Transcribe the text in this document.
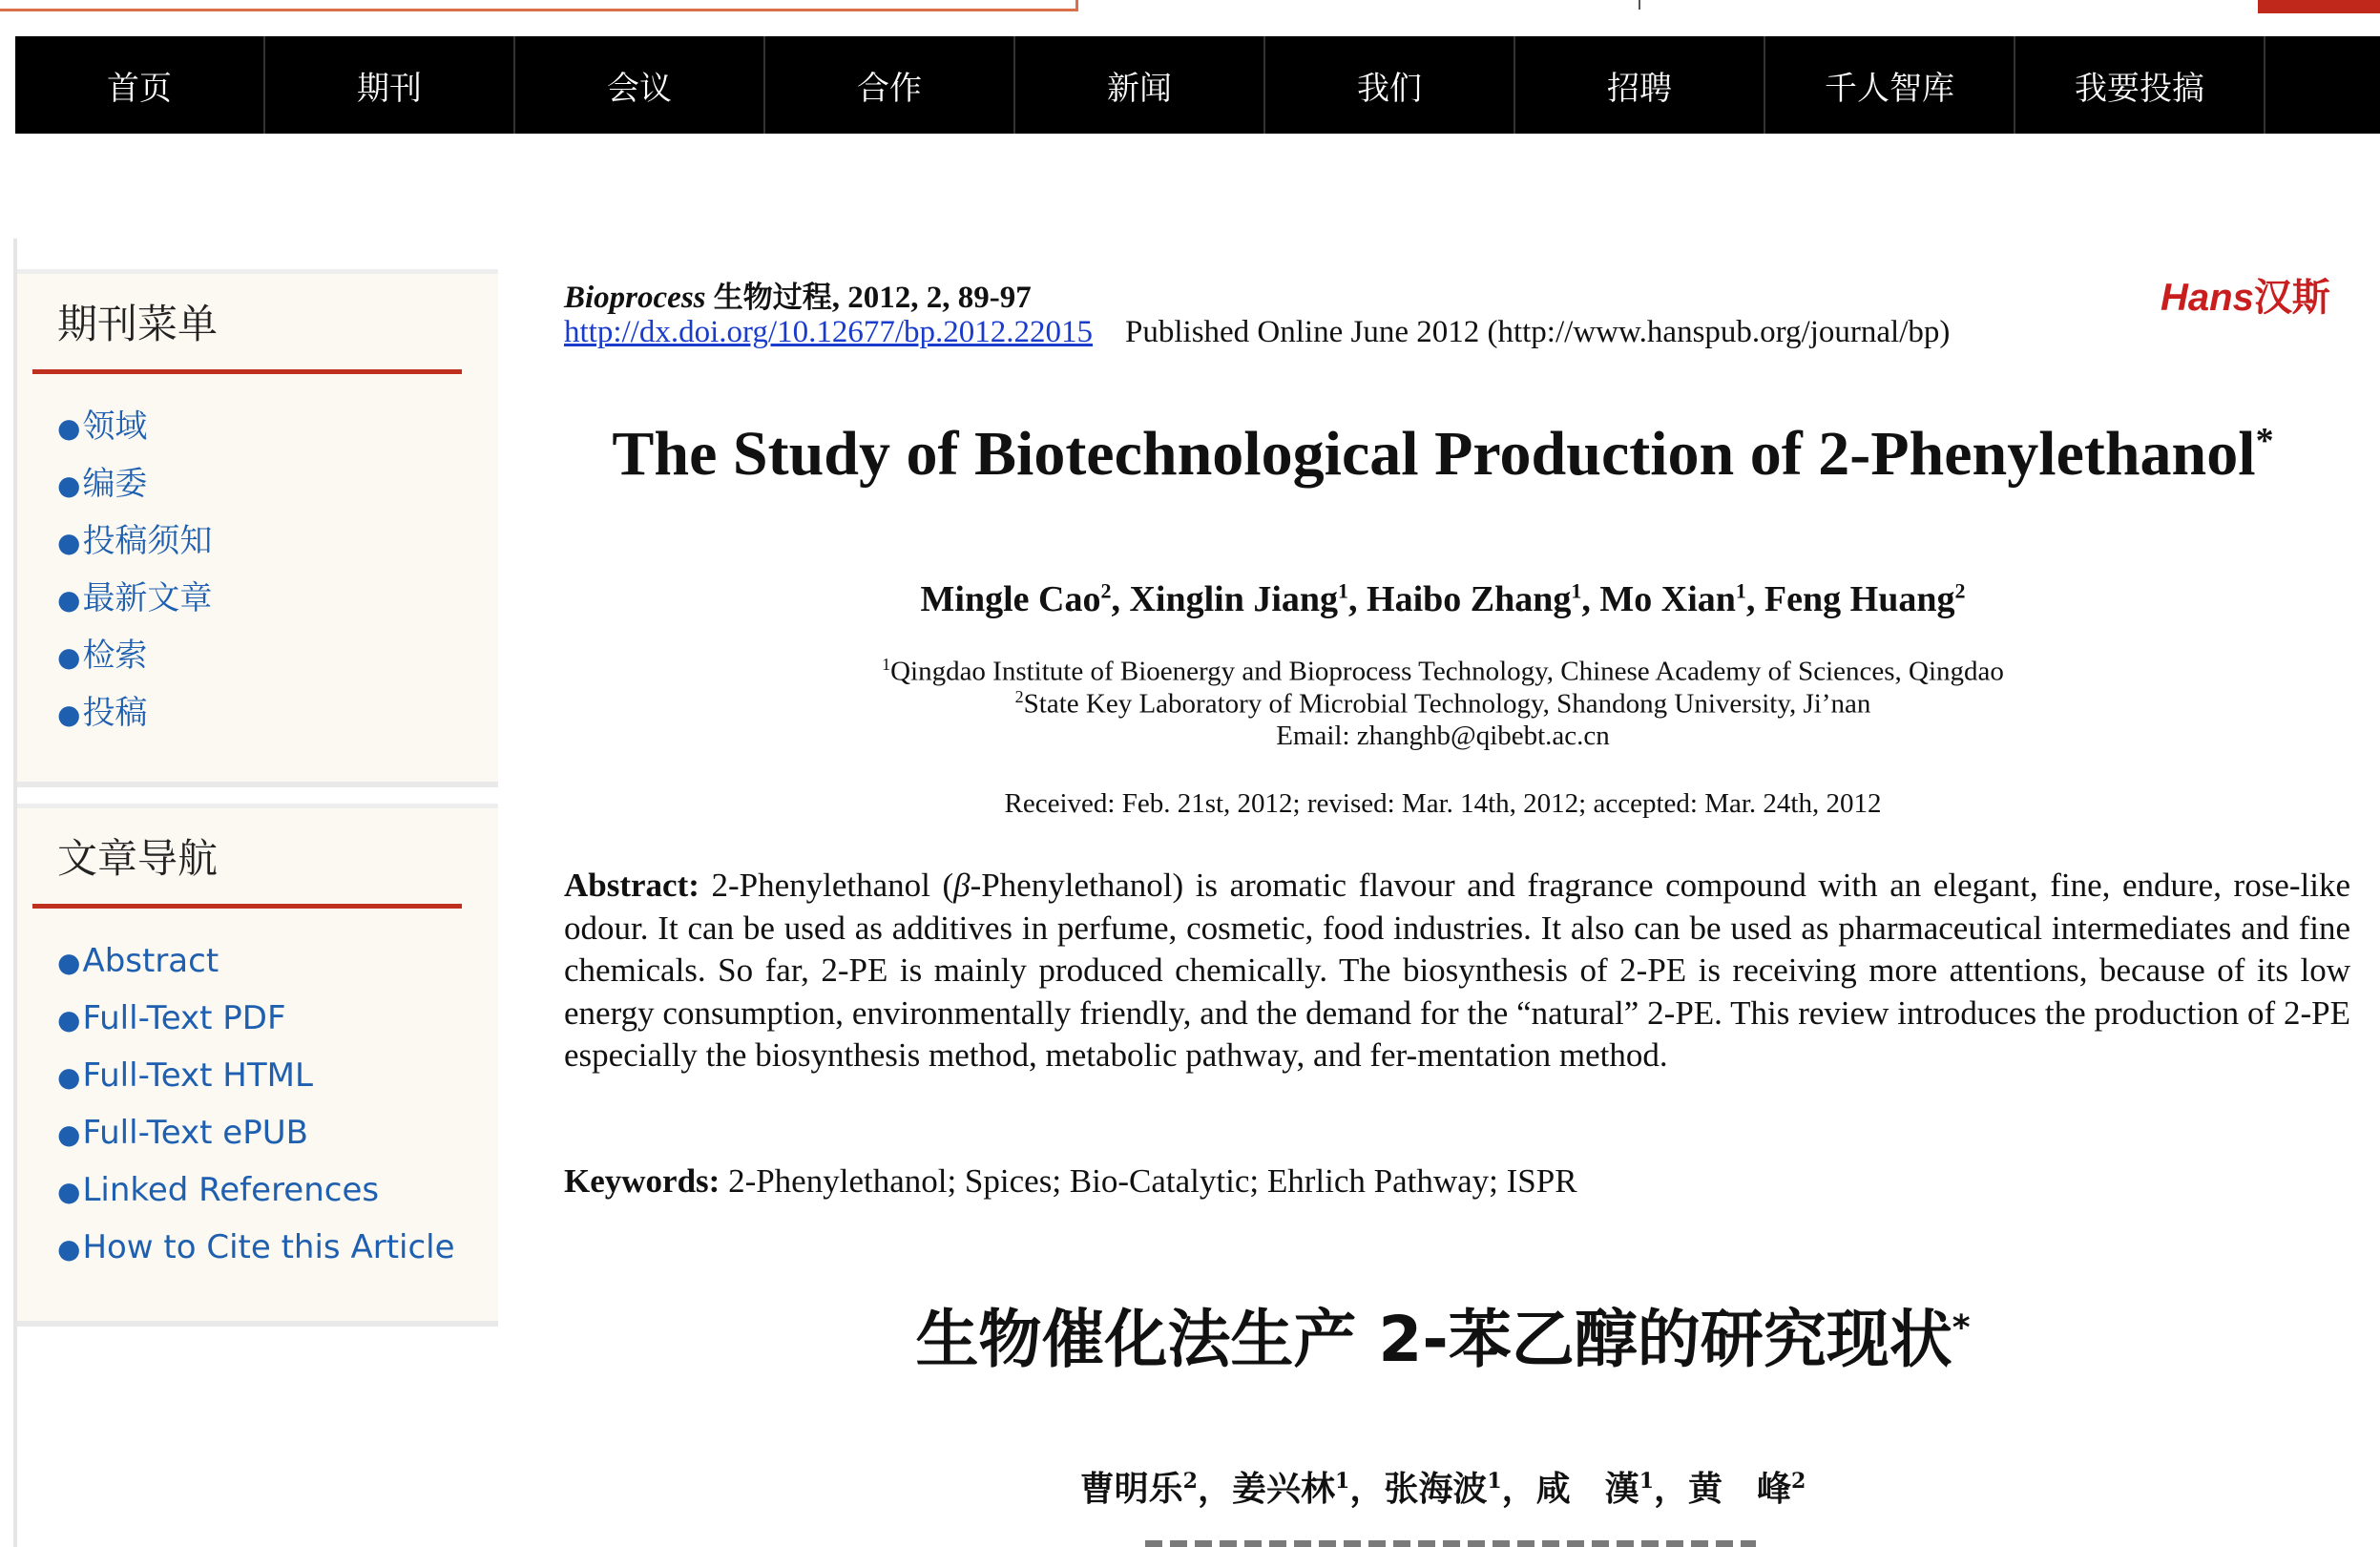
首页	期刊	会议	合作	新闻	我们	招聘	千人智库	我要投搞
期刊菜单
●领域
●编委
●投稿须知
●最新文章
●检索
●投稿
文章导航
●Abstract
●Full-Text PDF
●Full-Text HTML
●Full-Text ePUB
●Linked References
●How to Cite this Article
Bioprocess 生物过程, 2012, 2, 89-97
http://dx.doi.org/10.12677/bp.2012.22015 Published Online June 2012 (http://www.hanspub.org/journal/bp)
Hans汉斯
The Study of Biotechnological Production of 2-Phenylethanol*
Mingle Cao$^2$, Xinglin Jiang$^1$, Haibo Zhang$^1$, Mo Xian$^1$, Feng Huang$^2$
$^1$Qingdao Institute of Bioenergy and Bioprocess Technology, Chinese Academy of Sciences, Qingdao
$^2$State Key Laboratory of Microbial Technology, Shandong University, Ji’nan
Email: zhanghb@qibebt.ac.cn
Received: Feb. 21st, 2012; revised: Mar. 14th, 2012; accepted: Mar. 24th, 2012

Abstract: 2-Phenylethanol (β-Phenylethanol) is aromatic flavour and fragrance compound with an elegant, fine, endure, rose-like odour. It can be used as additives in perfume, cosmetic, food industries. It also can be used as pharmaceutical intermediates and fine chemicals. So far, 2-PE is mainly produced chemically. The biosynthesis of 2-PE is receiving more attentions, because of its low energy consumption, environmentally friendly, and the demand for the “natural” 2-PE. This review introduces the production of 2-PE especially the biosynthesis method, metabolic pathway, and fer-mentation method.

Keywords: 2-Phenylethanol; Spices; Bio-Catalytic; Ehrlich Pathway; ISPR
生物催化法生产 2-苯乙醇的研究现状*
曹明乐$^2$，姜兴林$^1$，张海波$^1$，咸　漢$^1$，黄　峰$^2$
